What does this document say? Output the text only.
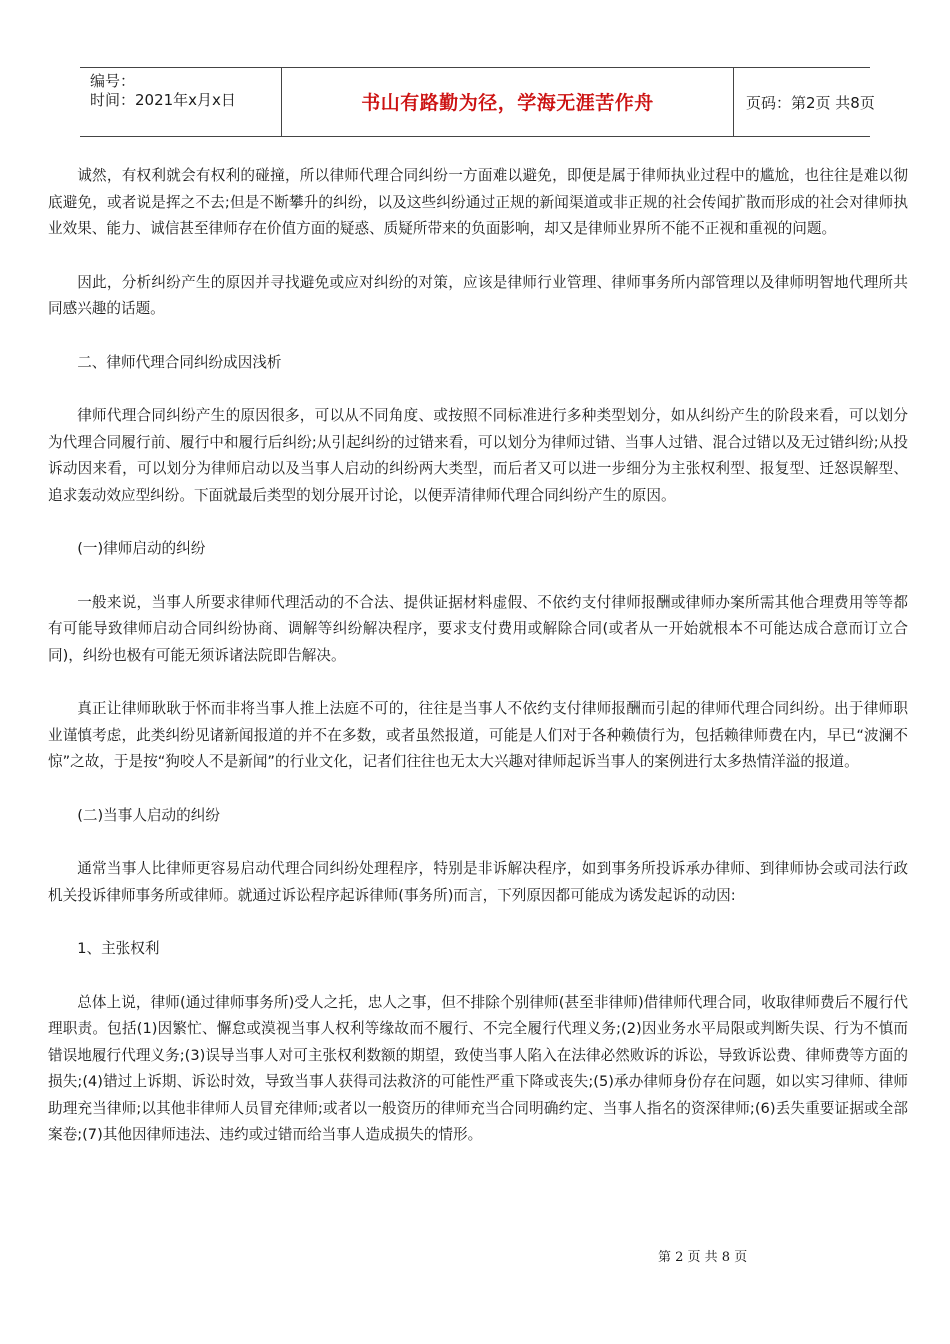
编号：
时间：2021年x月x日	书山有路勤为径，学海无涯苦作舟	页码：第2页 共8页

诚然，有权利就会有权利的碰撞，所以律师代理合同纠纷一方面难以避免，即便是属于律师执业过程中的尴尬，也往往是难以彻底避免，或者说是挥之不去;但是不断攀升的纠纷，以及这些纠纷通过正规的新闻渠道或非正规的社会传闻扩散而形成的社会对律师执业效果、能力、诚信甚至律师存在价值方面的疑惑、质疑所带来的负面影响，却又是律师业界所不能不正视和重视的问题。

因此，分析纠纷产生的原因并寻找避免或应对纠纷的对策，应该是律师行业管理、律师事务所内部管理以及律师明智地代理所共同感兴趣的话题。

二、律师代理合同纠纷成因浅析

律师代理合同纠纷产生的原因很多，可以从不同角度、或按照不同标准进行多种类型划分，如从纠纷产生的阶段来看，可以划分为代理合同履行前、履行中和履行后纠纷;从引起纠纷的过错来看，可以划分为律师过错、当事人过错、混合过错以及无过错纠纷;从投诉动因来看，可以划分为律师启动以及当事人启动的纠纷两大类型，而后者又可以进一步细分为主张权利型、报复型、迁怒误解型、追求轰动效应型纠纷。下面就最后类型的划分展开讨论，以便弄清律师代理合同纠纷产生的原因。

(一)律师启动的纠纷

一般来说，当事人所要求律师代理活动的不合法、提供证据材料虚假、不依约支付律师报酬或律师办案所需其他合理费用等等都有可能导致律师启动合同纠纷协商、调解等纠纷解决程序，要求支付费用或解除合同(或者从一开始就根本不可能达成合意而订立合同)，纠纷也极有可能无须诉诸法院即告解决。

真正让律师耿耿于怀而非将当事人推上法庭不可的，往往是当事人不依约支付律师报酬而引起的律师代理合同纠纷。出于律师职业谨慎考虑，此类纠纷见诸新闻报道的并不在多数，或者虽然报道，可能是人们对于各种赖债行为，包括赖律师费在内，早已“波澜不惊”之故，于是按“狗咬人不是新闻”的行业文化，记者们往往也无太大兴趣对律师起诉当事人的案例进行太多热情洋溢的报道。

(二)当事人启动的纠纷

通常当事人比律师更容易启动代理合同纠纷处理程序，特别是非诉解决程序，如到事务所投诉承办律师、到律师协会或司法行政机关投诉律师事务所或律师。就通过诉讼程序起诉律师(事务所)而言，下列原因都可能成为诱发起诉的动因:

1、主张权利

总体上说，律师(通过律师事务所)受人之托，忠人之事，但不排除个别律师(甚至非律师)借律师代理合同，收取律师费后不履行代理职责。包括(1)因繁忙、懈怠或漠视当事人权利等缘故而不履行、不完全履行代理义务;(2)因业务水平局限或判断失误、行为不慎而错误地履行代理义务;(3)误导当事人对可主张权利数额的期望，致使当事人陷入在法律必然败诉的诉讼，导致诉讼费、律师费等方面的损失;(4)错过上诉期、诉讼时效，导致当事人获得司法救济的可能性严重下降或丧失;(5)承办律师身份存在问题，如以实习律师、律师助理充当律师;以其他非律师人员冒充律师;或者以一般资历的律师充当合同明确约定、当事人指名的资深律师;(6)丢失重要证据或全部案卷;(7)其他因律师违法、违约或过错而给当事人造成损失的情形。

第 2 页 共 8 页
